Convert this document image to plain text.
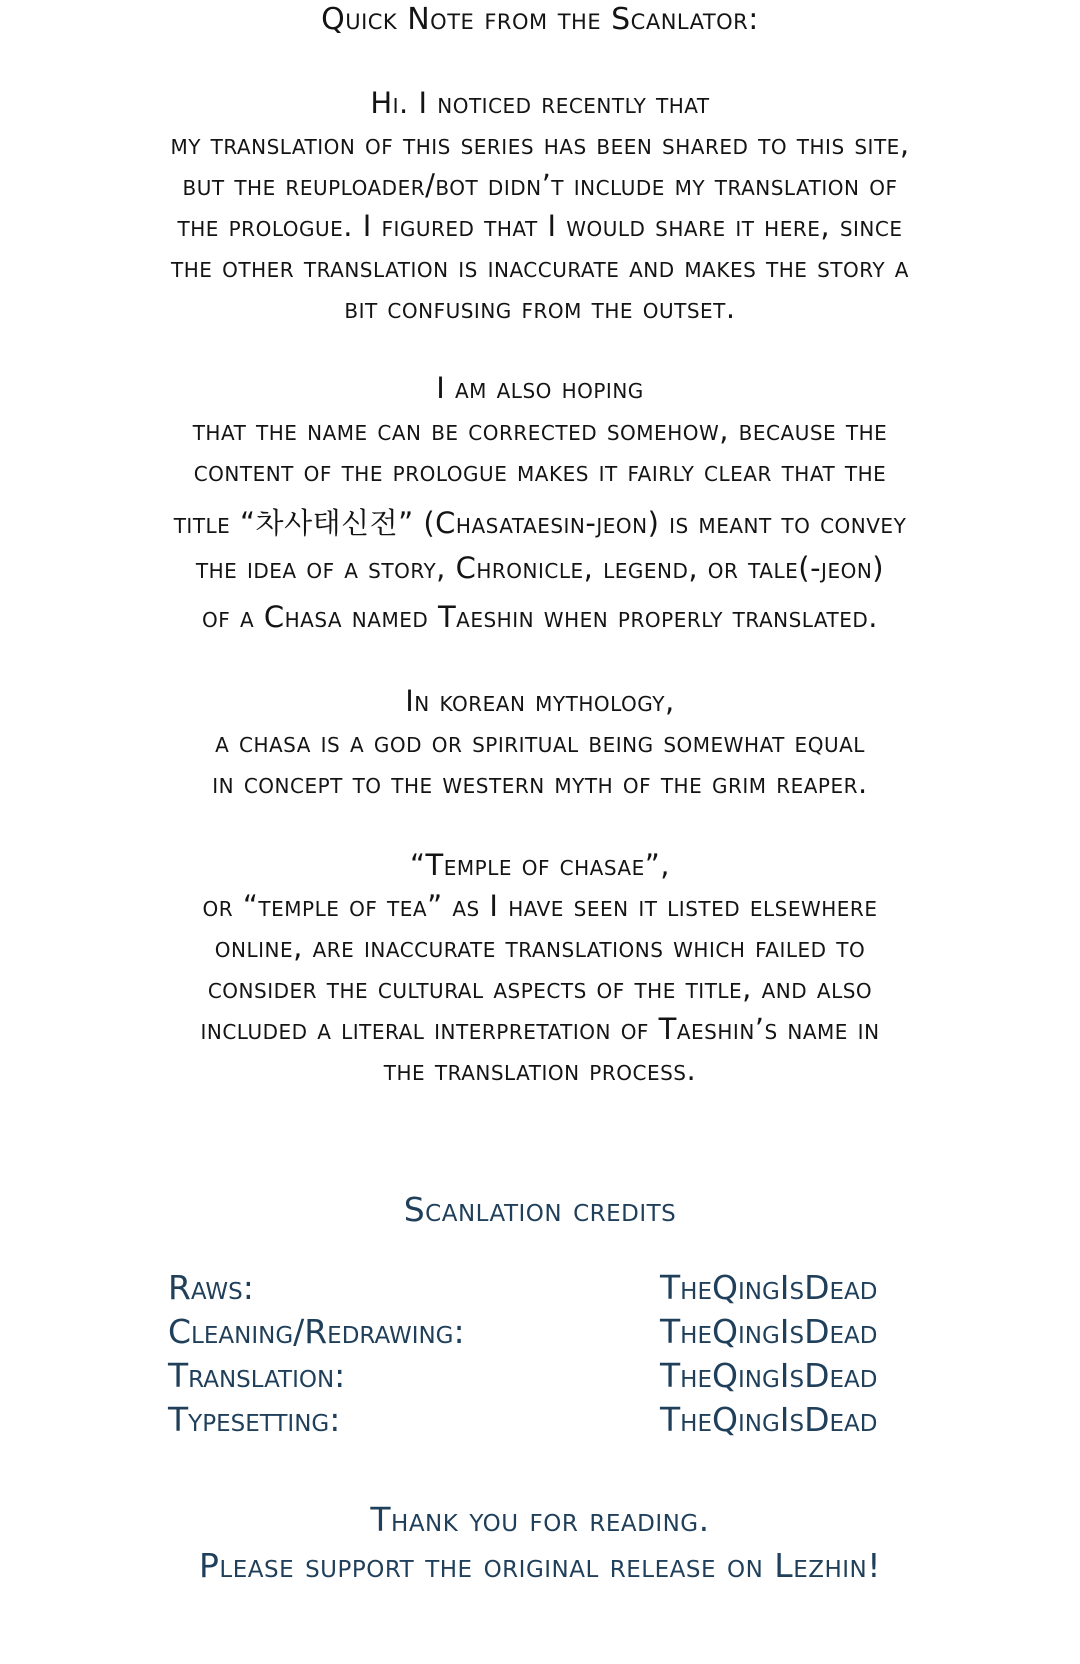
Quick Note from the Scanlator:
Hi. I noticed recently that
my translation of this series has been shared to this site,
but the reuploader/bot didn’t include my translation of
the prologue. I figured that I would share it here, since
the other translation is inaccurate and makes the story a
bit confusing from the outset.
I am also hoping
that the name can be corrected somehow, because the
content of the prologue makes it fairly clear that the
title “차사태신전” (Chasataesin-jeon) is meant to convey
the idea of a story, Chronicle, legend, or tale(-jeon)
of a Chasa named Taeshin when properly translated.
In korean mythology,
a chasa is a god or spiritual being somewhat equal
in concept to the western myth of the grim reaper.
“Temple of chasae”,
or “temple of tea” as I have seen it listed elsewhere
online, are inaccurate translations which failed to
consider the cultural aspects of the title, and also
included a literal interpretation of Taeshin’s name in
the translation process.
Scanlation credits
Raws:	TheQingIsDead
Cleaning/Redrawing:	TheQingIsDead
Translation:	TheQingIsDead
Typesetting:	TheQingIsDead
Thank you for reading.
Please support the original release on Lezhin!
